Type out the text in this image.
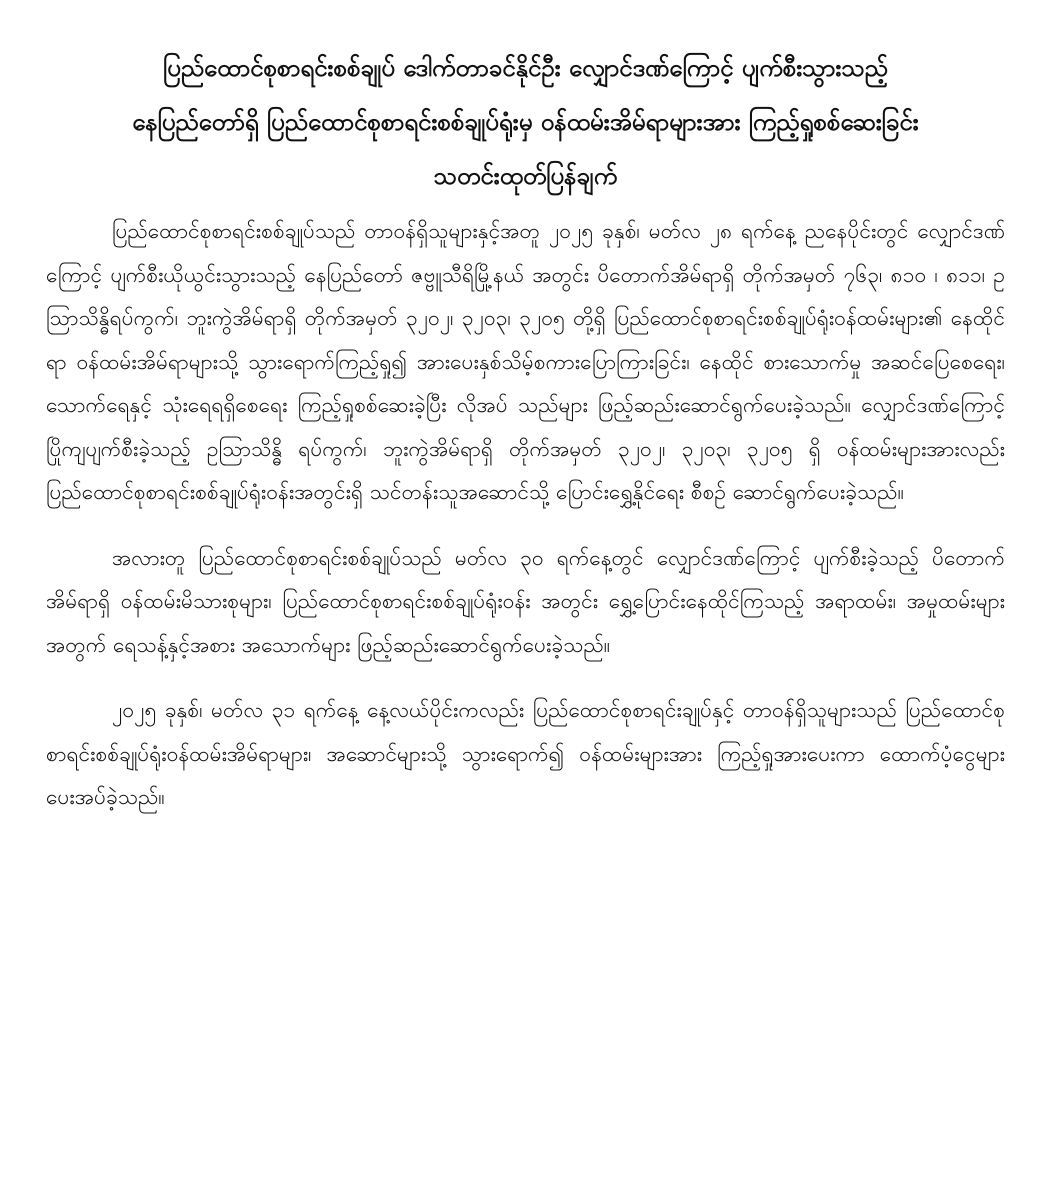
ပြည်ထောင်စုစာရင်းစစ်ချုပ် ဒေါက်တာခင်နိုင်ဦး လျှောင်ဒဏ်ကြောင့် ပျက်စီးသွားသည့်
နေပြည်တော်ရှိ ပြည်ထောင်စုစာရင်းစစ်ချုပ်ရုံးမှ ဝန်ထမ်းအိမ်ရာများအား ကြည့်ရှုစစ်ဆေးခြင်း
သတင်းထုတ်ပြန်ချက်

ပြည်ထောင်စုစာရင်းစစ်ချုပ်သည် တာဝန်ရှိသူများနှင့်အတူ ၂၀၂၅ ခုနှစ်၊ မတ်လ ၂၈ ရက်နေ့ ညနေပိုင်းတွင် လျှောင်ဒဏ်ကြောင့် ပျက်စီးယိုယွင်းသွားသည့် နေပြည်တော် ဇဗ္ဗူသီရိမြို့နယ် အတွင်း ပိတောက်အိမ်ရာရှိ တိုက်အမှတ် ၇၆၃၊ ၈၁၀ ၊ ၈၁၁၊ ဥဩာသိန္ဓိရပ်ကွက်၊ ဘူးကွဲအိမ်ရာရှိ တိုက်အမှတ် ၃၂၀၂၊ ၃၂၀၃၊ ၃၂၀၅ တို့ရှိ ပြည်ထောင်စုစာရင်းစစ်ချုပ်ရုံးဝန်ထမ်းများ၏ နေထိုင်ရာ ဝန်ထမ်းအိမ်ရာများသို့ သွားရောက်ကြည့်ရှု၍ အားပေးနှစ်သိမ့်စကားပြောကြားခြင်း၊ နေထိုင် စားသောက်မှု အဆင်ပြေစေရေး၊ သောက်ရေနှင့် သုံးရေရရှိစေရေး ကြည့်ရှုစစ်ဆေးခဲ့ပြီး လိုအပ် သည်များ ဖြည့်ဆည်းဆောင်ရွက်ပေးခဲ့သည်။ လျှောင်ဒဏ်ကြောင့် ပြိုကျပျက်စီးခဲ့သည့် ဥဩာသိန္ဓိ ရပ်ကွက်၊ ဘူးကွဲအိမ်ရာရှိ တိုက်အမှတ် ၃၂၀၂၊ ၃၂၀၃၊ ၃၂၀၅ ရှိ ဝန်ထမ်းများအားလည်း ပြည်ထောင်စုစာရင်းစစ်ချုပ်ရုံးဝန်းအတွင်းရှိ သင်တန်းသူအဆောင်သို့ ပြောင်းရွှေ့နိုင်ရေး စီစဉ် ဆောင်ရွက်ပေးခဲ့သည်။

အလားတူ ပြည်ထောင်စုစာရင်းစစ်ချုပ်သည် မတ်လ ၃၀ ရက်နေ့တွင် လျှောင်ဒဏ်ကြောင့် ပျက်စီးခဲ့သည့် ပိတောက်အိမ်ရာရှိ ဝန်ထမ်းမိသားစုများ၊ ပြည်ထောင်စုစာရင်းစစ်ချုပ်ရုံးဝန်း အတွင်း ရွှေ့ပြောင်းနေထိုင်ကြသည့် အရာထမ်း၊ အမှုထမ်းများအတွက် ရေသန့်နှင့်အစား အသောက်များ ဖြည့်ဆည်းဆောင်ရွက်ပေးခဲ့သည်။

၂၀၂၅ ခုနှစ်၊ မတ်လ ၃၁ ရက်နေ့ နေ့လယ်ပိုင်းကလည်း ပြည်ထောင်စုစာရင်းချုပ်နှင့် တာဝန်ရှိသူများသည် ပြည်ထောင်စုစာရင်းစစ်ချုပ်ရုံးဝန်ထမ်းအိမ်ရာများ၊ အဆောင်များသို့ သွားရောက်၍ ဝန်ထမ်းများအား ကြည့်ရှုအားပေးကာ ထောက်ပံ့ငွေများ ပေးအပ်ခဲ့သည်။
